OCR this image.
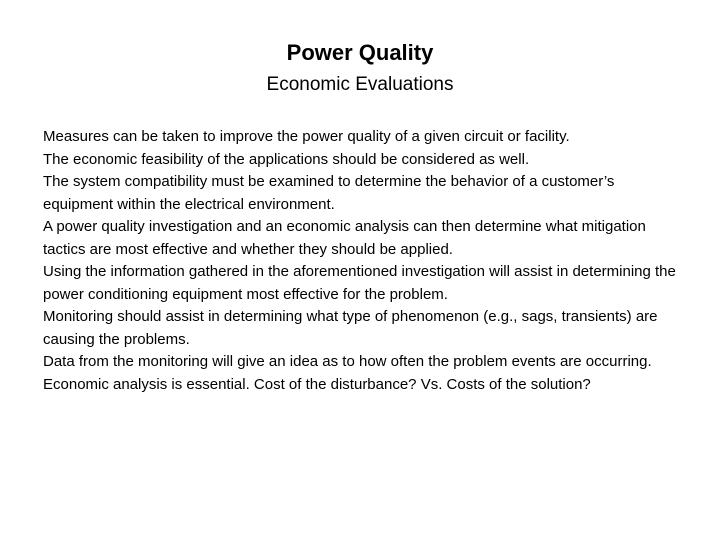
Power Quality
Economic Evaluations
Measures can be taken to improve the power quality of a given circuit or facility.
The economic feasibility of the applications should be considered as well.
The system compatibility must be examined to determine the behavior of a customer’s equipment within the electrical environment.
A power quality investigation and an economic analysis can then determine what mitigation tactics are most effective and whether they should be applied.
Using the information gathered in the aforementioned investigation will assist in determining the power conditioning equipment most effective for the problem.
Monitoring should assist in determining what type of phenomenon (e.g., sags, transients) are causing the problems.
Data from the monitoring will give an idea as to how often the problem events are occurring.
Economic analysis is essential. Cost of the disturbance? Vs. Costs of the solution?
